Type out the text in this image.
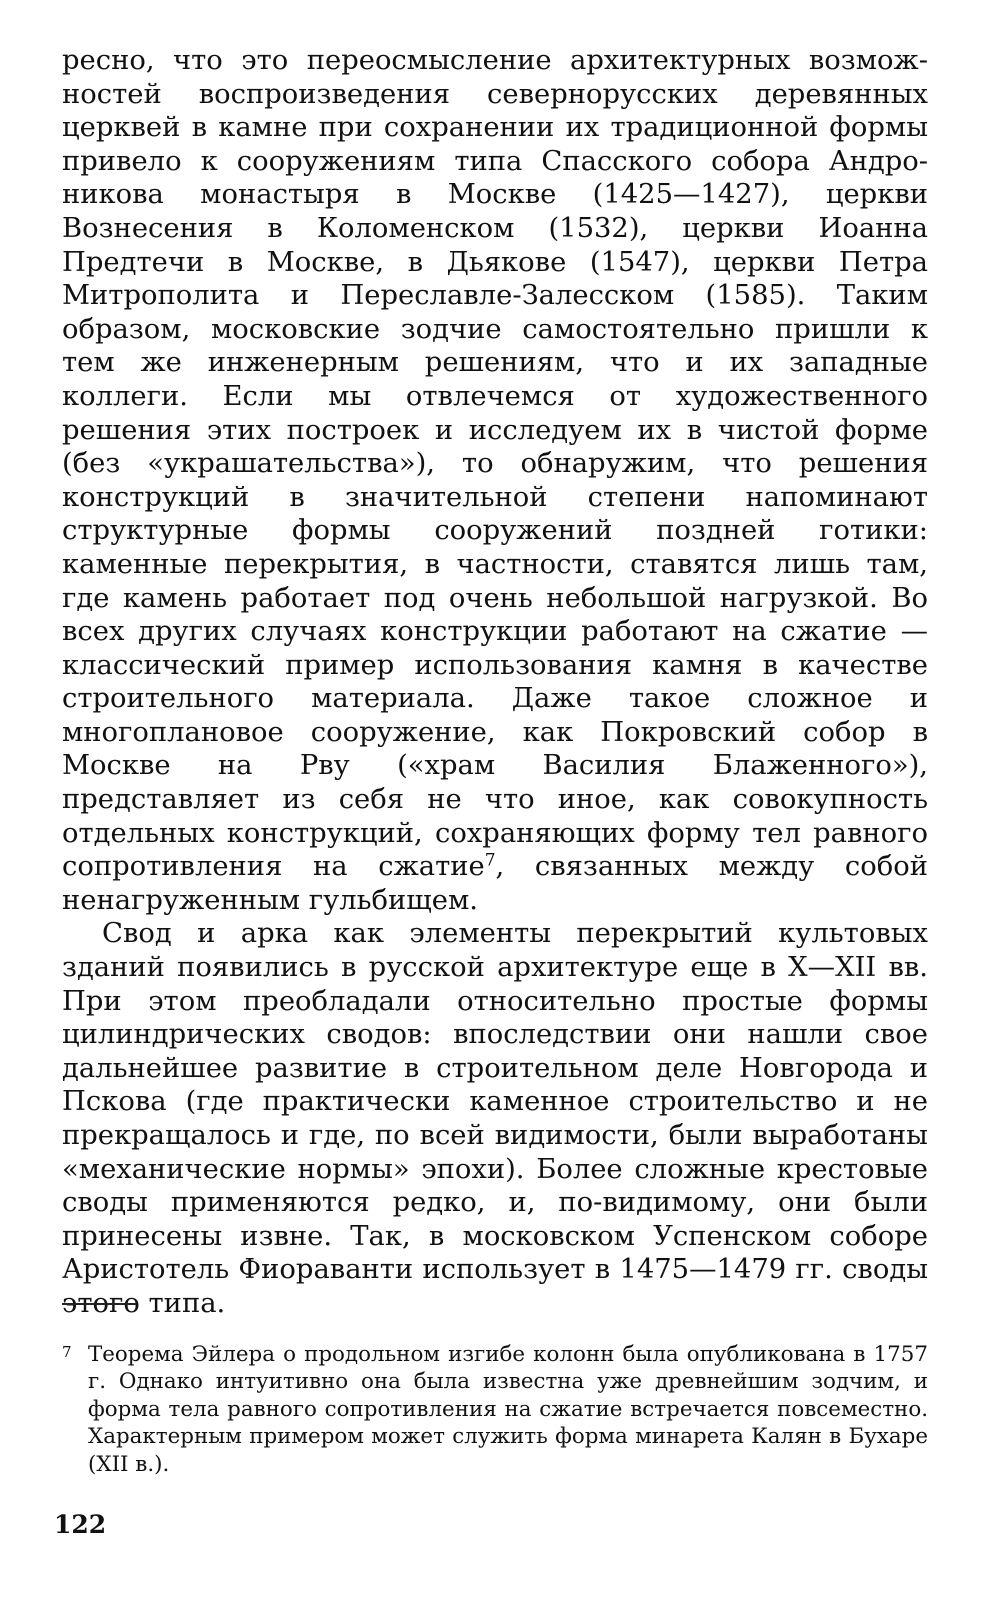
ресно, что это переосмысление архитектурных возможностей воспроизведения севернорусских деревянных церквей в камне при сохранении их традиционной формы привело к сооружениям типа Спасского собора Андроникова монастыря в Москве (1425—1427), церкви Вознесения в Коломенском (1532), церкви Иоанна Предтечи в Москве, в Дьякове (1547), церкви Петра Митрополита и Переславле-Залесском (1585). Таким образом, московские зодчие самостоятельно пришли к тем же инженерным решениям, что и их западные коллеги. Если мы отвлечемся от художественного решения этих построек и исследуем их в чистой форме (без «украшательства»), то обнаружим, что решения конструкций в значительной степени напоминают структурные формы сооружений поздней готики: каменные перекрытия, в частности, ставятся лишь там, где камень работает под очень небольшой нагрузкой. Во всех других случаях конструкции работают на сжатие — классический пример использования камня в качестве строительного материала. Даже такое сложное и многоплановое сооружение, как Покровский собор в Москве на Рву («храм Василия Блаженного»), представляет из себя не что иное, как совокупность отдельных конструкций, сохраняющих форму тел равного сопротивления на сжатие$^7$, связанных между собой ненагруженным гульбищем.

Свод и арка как элементы перекрытий культовых зданий появились в русской архитектуре еще в X—XII вв. При этом преобладали относительно простые формы цилиндрических сводов: впоследствии они нашли свое дальнейшее развитие в строительном деле Новгорода и Пскова (где практически каменное строительство и не прекращалось и где, по всей видимости, были выработаны «механические нормы» эпохи). Более сложные крестовые своды применяются редко, и, по-видимому, они были принесены извне. Так, в московском Успенском соборе Аристотель Фиораванти использует в 1475—1479 гг. своды этого типа.

7 Теорема Эйлера о продольном изгибе колонн была опубликована в 1757 г. Однако интуитивно она была известна уже древнейшим зодчим, и форма тела равного сопротивления на сжатие встречается повсеместно. Характерным примером может служить форма минарета Калян в Бухаре (XII в.).

122
